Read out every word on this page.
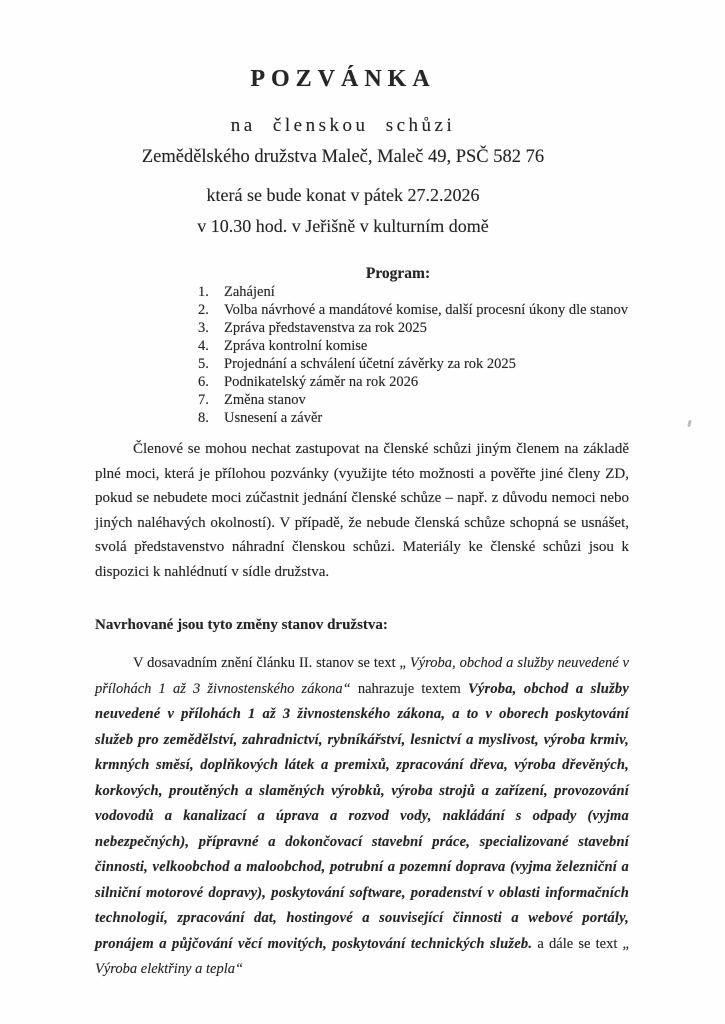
POZVÁNKA
na členskou schůzi
Zemědělského družstva Maleč, Maleč 49, PSČ 582 76
která se bude konat v pátek 27.2.2026
v 10.30 hod. v Jeřišně v kulturním domě
Program:
1.	Zahájení
2.	Volba návrhové a mandátové komise, další procesní úkony dle stanov
3.	Zpráva představenstva za rok 2025
4.	Zpráva kontrolní komise
5.	Projednání a schválení účetní závěrky za rok 2025
6.	Podnikatelský záměr na rok 2026
7.	Změna stanov
8.	Usnesení a závěr

Členové se mohou nechat zastupovat na členské schůzi jiným členem na základě plné moci, která je přílohou pozvánky (využijte této možnosti a pověřte jiné členy ZD, pokud se nebudete moci zúčastnit jednání členské schůze – např. z důvodu nemoci nebo jiných naléhavých okolností). V případě, že nebude členská schůze schopná se usnášet, svolá představenstvo náhradní členskou schůzi. Materiály ke členské schůzi jsou k dispozici k nahlédnutí v sídle družstva.

Navrhované jsou tyto změny stanov družstva:

V dosavadním znění článku II. stanov se text „ Výroba, obchod a služby neuvedené v přílohách 1 až 3 živnostenského zákona“ nahrazuje textem Výroba, obchod a služby neuvedené v přílohách 1 až 3 živnostenského zákona, a to v oborech poskytování služeb pro zemědělství, zahradnictví, rybníkářství, lesnictví a myslivost, výroba krmiv, krmných směsí, doplňkových látek a premixů, zpracování dřeva, výroba dřevěných, korkových, proutěných a slaměných výrobků, výroba strojů a zařízení, provozování vodovodů a kanalizací a úprava a rozvod vody, nakládání s odpady (vyjma nebezpečných), přípravné a dokončovací stavební práce, specializované stavební činnosti, velkoobchod a maloobchod, potrubní a pozemní doprava (vyjma železniční a silniční motorové dopravy), poskytování software, poradenství v oblasti informačních technologií, zpracování dat, hostingové a související činnosti a webové portály, pronájem a půjčování věcí movitých, poskytování technických služeb. a dále se text „ Výroba elektřiny a tepla“
